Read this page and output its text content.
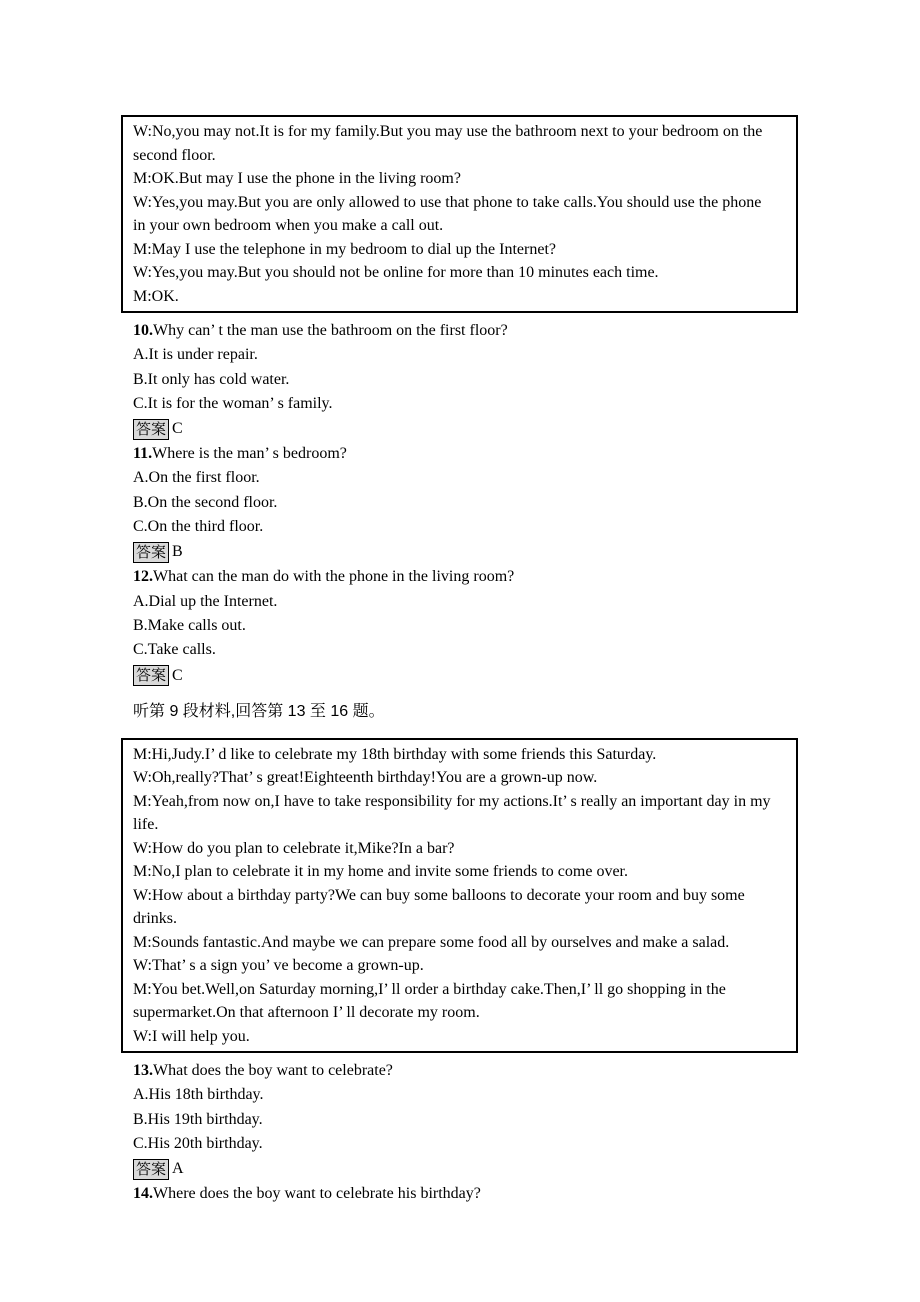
W:No,you may not.It is for my family.But you may use the bathroom next to your bedroom on the
second floor.
M:OK.But may I use the phone in the living room?
W:Yes,you may.But you are only allowed to use that phone to take calls.You should use the phone
in your own bedroom when you make a call out.
M:May I use the telephone in my bedroom to dial up the Internet?
W:Yes,you may.But you should not be online for more than 10 minutes each time.
M:OK.
10.Why can’ t the man use the bathroom on the first floor?
A.It is under repair.
B.It only has cold water.
C.It is for the woman’ s family.
答案 C
11.Where is the man’ s bedroom?
A.On the first floor.
B.On the second floor.
C.On the third floor.
答案 B
12.What can the man do with the phone in the living room?
A.Dial up the Internet.
B.Make calls out.
C.Take calls.
答案 C
听第 9 段材料,回答第 13 至 16 题。
M:Hi,Judy.I’ d like to celebrate my 18th birthday with some friends this Saturday.
W:Oh,really?That’ s great!Eighteenth birthday!You are a grown-up now.
M:Yeah,from now on,I have to take responsibility for my actions.It’ s really an important day in my
life.
W:How do you plan to celebrate it,Mike?In a bar?
M:No,I plan to celebrate it in my home and invite some friends to come over.
W:How about a birthday party?We can buy some balloons to decorate your room and buy some
drinks.
M:Sounds fantastic.And maybe we can prepare some food all by ourselves and make a salad.
W:That’ s a sign you’ ve become a grown-up.
M:You bet.Well,on Saturday morning,I’ ll order a birthday cake.Then,I’ ll go shopping in the
supermarket.On that afternoon I’ ll decorate my room.
W:I will help you.
13.What does the boy want to celebrate?
A.His 18th birthday.
B.His 19th birthday.
C.His 20th birthday.
答案 A
14.Where does the boy want to celebrate his birthday?
